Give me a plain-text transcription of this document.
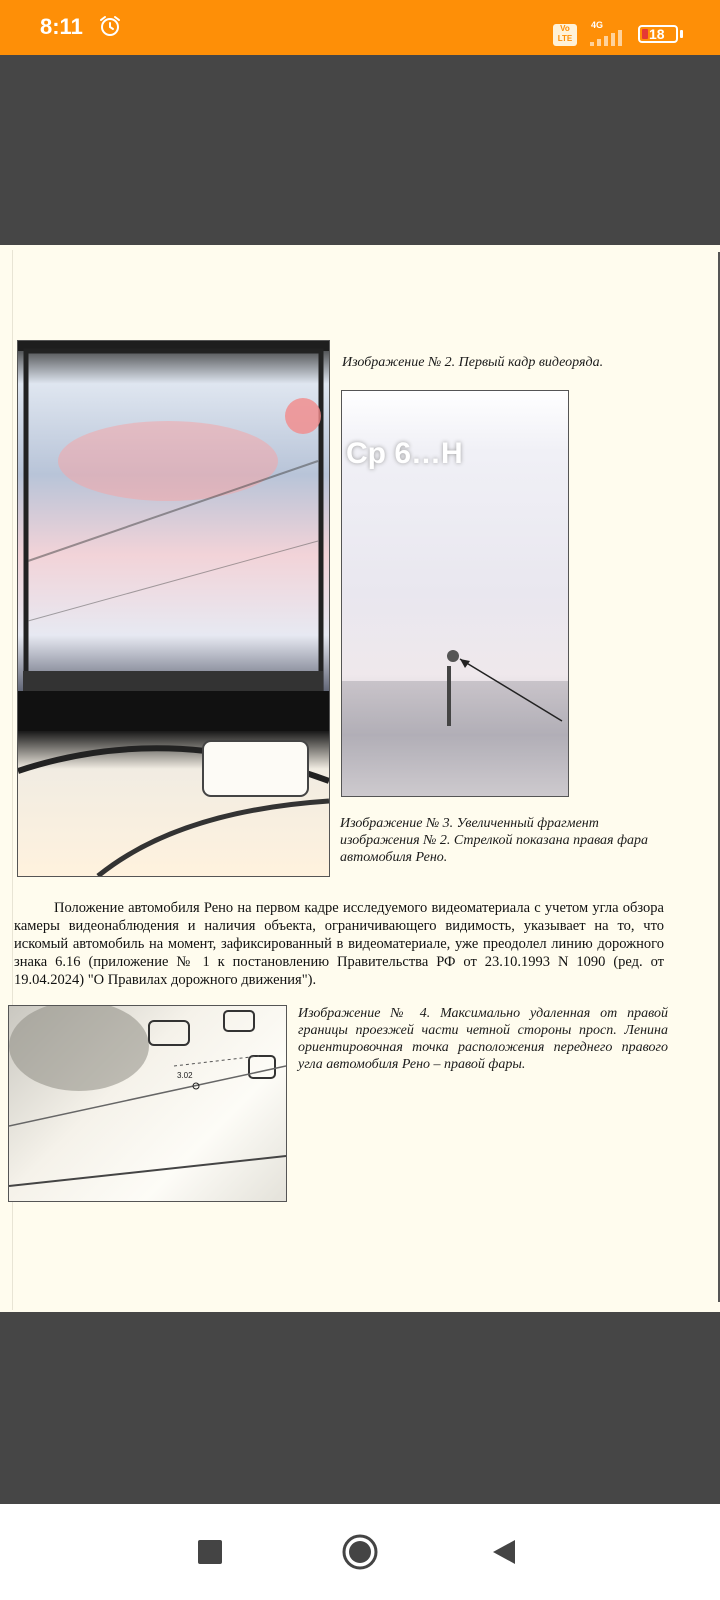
8:11	Vo LTE
4G
18
Изображение № 2. Первый кадр видеоряда.
Ср 6…Н
Изображение № 3. Увеличенный фрагмент изображения № 2. Стрелкой показана правая фара автомобиля Рено.
Положение автомобиля Рено на первом кадре исследуемого видеоматериала с учетом угла обзора камеры видеонаблюдения и наличия объекта, ограничивающего видимость, указывает на то, что искомый автомобиль на момент, зафиксированный в видеоматериале, уже преодолел линию дорожного знака 6.16 (приложение № 1 к постановлению Правительства РФ от 23.10.1993 N 1090 (ред. от 19.04.2024) "О Правилах дорожного движения").
3.02
Изображение № 4. Максимально удаленная от правой границы проезжей части четной стороны просп. Ленина ориентировочная точка расположения переднего правого угла автомобиля Рено – правой фары.
